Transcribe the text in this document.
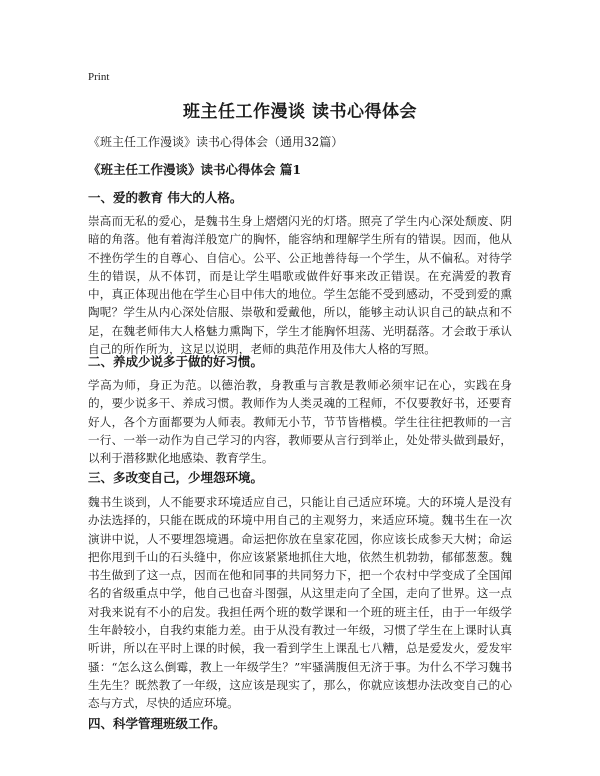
Print
班主任工作漫谈 读书心得体会
《班主任工作漫谈》读书心得体会（通用32篇）
《班主任工作漫谈》读书心得体会 篇1
一、爱的教育 伟大的人格。
崇高而无私的爱心，是魏书生身上熠熠闪光的灯塔。照亮了学生内心深处颓废、阴暗的角落。他有着海洋般宽广的胸怀，能容纳和理解学生所有的错误。因而，他从不挫伤学生的自尊心、自信心。公平、公正地善待每一个学生，从不偏私。对待学生的错误，从不体罚，而是让学生唱歌或做件好事来改正错误。在充满爱的教育中，真正体现出他在学生心目中伟大的地位。学生怎能不受到感动，不受到爱的熏陶呢？学生从内心深处信服、崇敬和爱戴他，所以，能够主动认识自己的缺点和不足，在魏老师伟大人格魅力熏陶下，学生才能胸怀坦荡、光明磊落。才会敢于承认自己的所作所为，这足以说明，老师的典范作用及伟大人格的写照。
二、养成少说多于做的好习惯。
学高为师，身正为范。以德治教，身教重与言教是教师必须牢记在心，实践在身的，要少说多干、养成习惯。教师作为人类灵魂的工程师，不仅要教好书，还要育好人，各个方面都要为人师表。教师无小节，节节皆楷模。学生往往把教师的一言一行、一举一动作为自己学习的内容，教师要从言行到举止，处处带头做到最好，以利于潜移默化地感染、教育学生。
三、多改变自己，少埋怨环境。
魏书生谈到，人不能要求环境适应自己，只能让自己适应环境。大的环境人是没有办法选择的，只能在既成的环境中用自己的主观努力，来适应环境。魏书生在一次演讲中说，人不要埋怨境遇。命运把你放在皇家花园，你应该长成参天大树；命运把你甩到千山的石头缝中，你应该紧紧地抓住大地，依然生机勃勃，郁郁葱葱。魏书生做到了这一点，因而在他和同事的共同努力下，把一个农村中学变成了全国闻名的省级重点中学，他自己也奋斗图强，从这里走向了全国，走向了世界。这一点对我来说有不小的启发。我担任两个班的数学课和一个班的班主任，由于一年级学生年龄较小，自我约束能力差。由于从没有教过一年级，习惯了学生在上课时认真听讲，所以在平时上课的时候，我一看到学生上课乱七八糟，总是爱发火，爱发牢骚：“怎么这么倒霉，教上一年级学生？”牢骚满腹但无济于事。为什么不学习魏书生先生？既然教了一年级，这应该是现实了，那么，你就应该想办法改变自己的心态与方式，尽快的适应环境。
四、科学管理班级工作。
